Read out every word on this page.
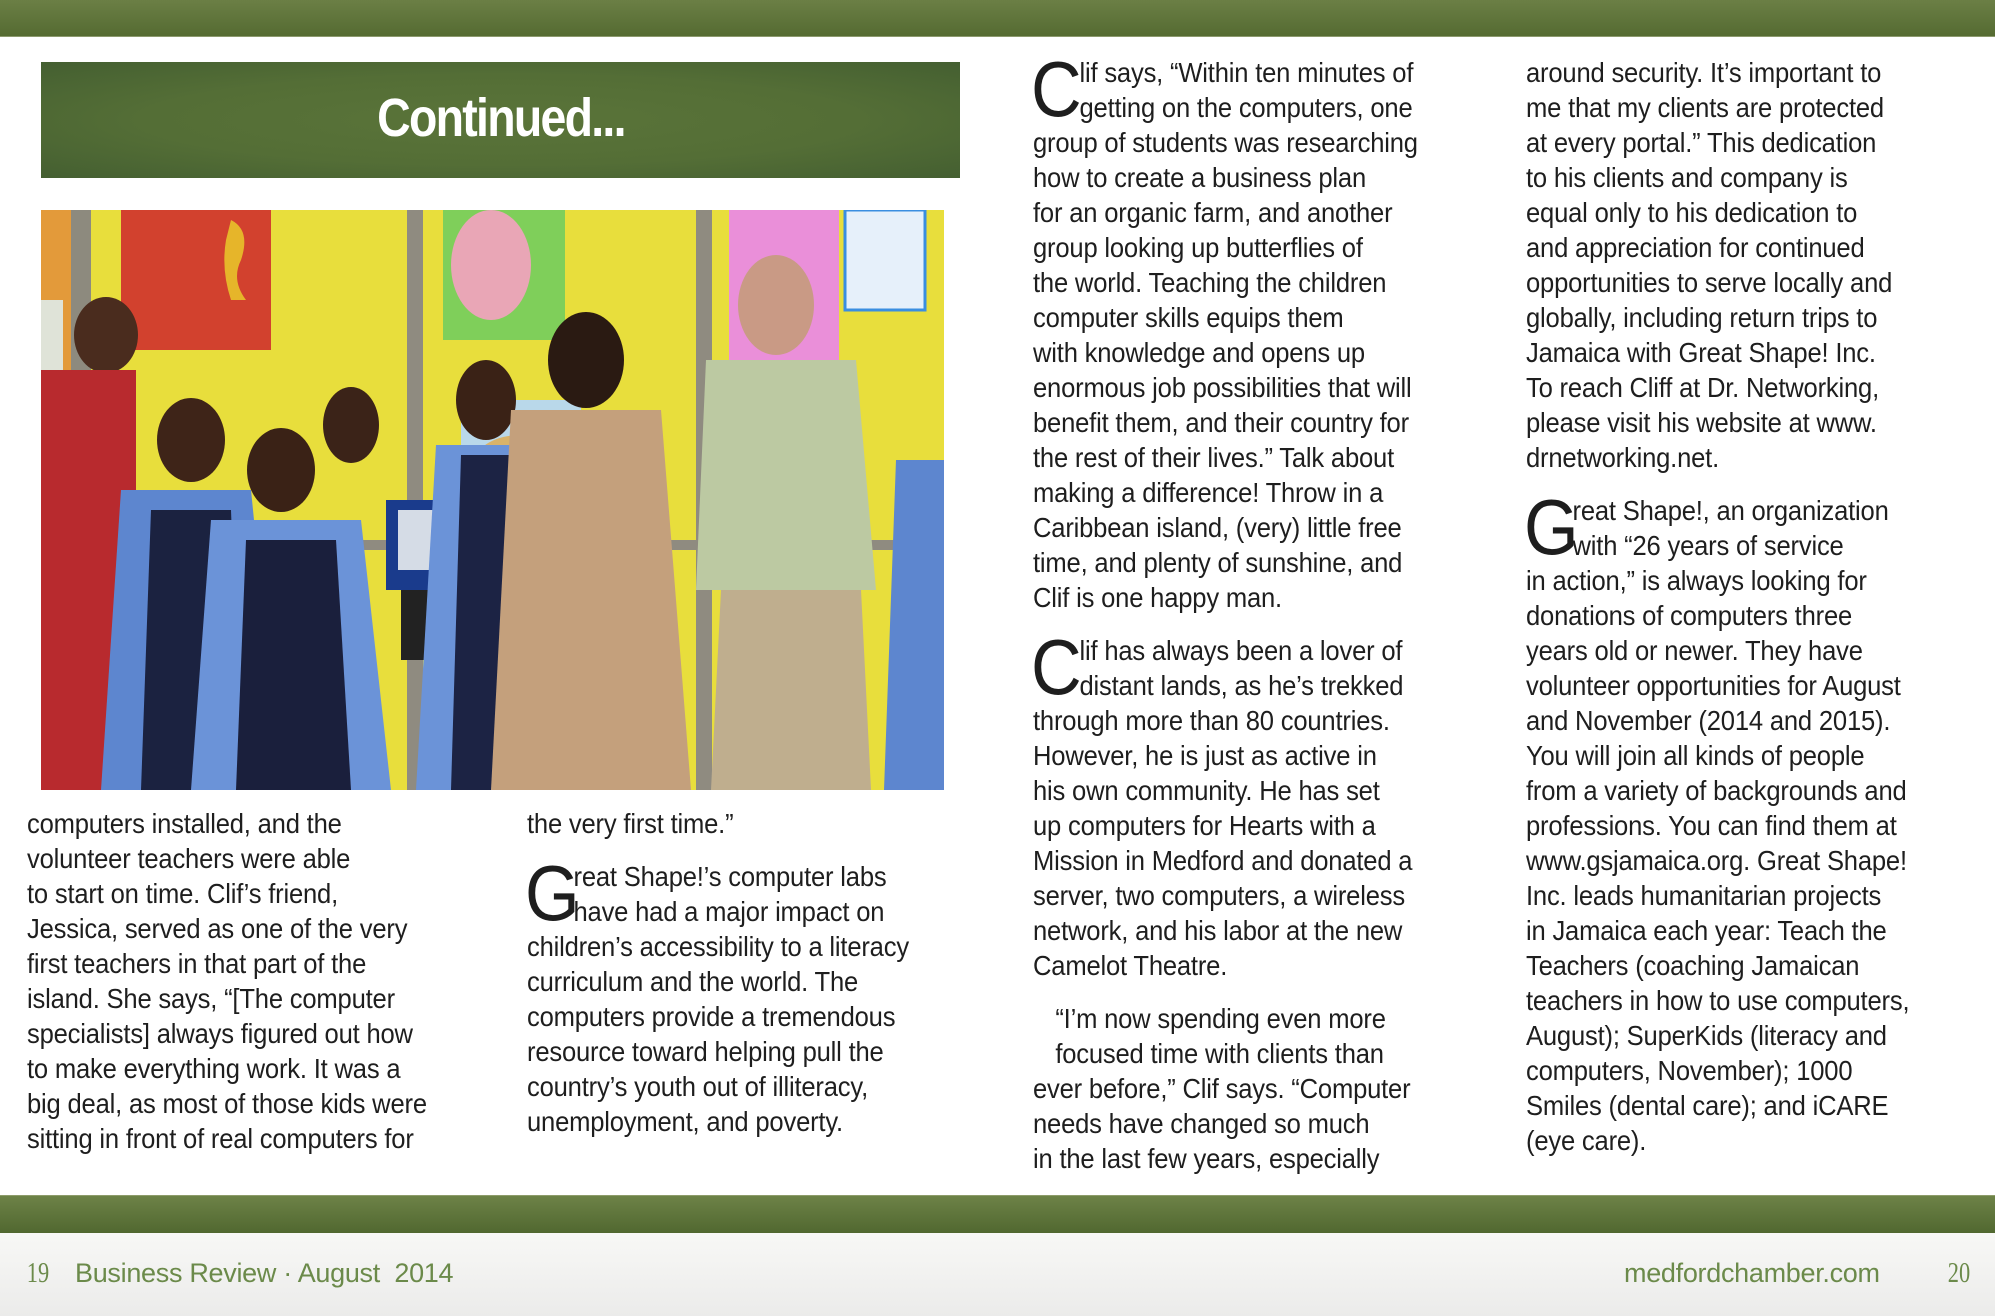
Continued...
computers installed, and the
volunteer teachers were able
to start on time. Clif’s friend,
Jessica, served as one of the very
first teachers in that part of the
island. She says, “[The computer
specialists] always figured out how
to make everything work. It was a
big deal, as most of those kids were
sitting in front of real computers for
the very first time.”
G
reat Shape!’s computer labs
have had a major impact on
children’s accessibility to a literacy
curriculum and the world. The
computers provide a tremendous
resource toward helping pull the
country’s youth out of illiteracy,
unemployment, and poverty.
C
lif says, “Within ten minutes of
getting on the computers, one
group of students was researching
how to create a business plan
for an organic farm, and another
group looking up butterflies of
the world. Teaching the children
computer skills equips them
with knowledge and opens up
enormous job possibilities that will
benefit them, and their country for
the rest of their lives.” Talk about
making a difference! Throw in a
Caribbean island, (very) little free
time, and plenty of sunshine, and
Clif is one happy man.
C
lif has always been a lover of
distant lands, as he’s trekked
through more than 80 countries.
However, he is just as active in
his own community. He has set
up computers for Hearts with a
Mission in Medford and donated a
server, two computers, a wireless
network, and his labor at the new
Camelot Theatre.
“I’m now spending even more
focused time with clients than
ever before,” Clif says. “Computer
needs have changed so much
in the last few years, especially
around security. It’s important to
me that my clients are protected
at every portal.” This dedication
to his clients and company is
equal only to his dedication to
and appreciation for continued
opportunities to serve locally and
globally, including return trips to
Jamaica with Great Shape! Inc.
To reach Cliff at Dr. Networking,
please visit his website at www.
drnetworking.net.
G
reat Shape!, an organization
with “26 years of service
in action,” is always looking for
donations of computers three
years old or newer. They have
volunteer opportunities for August
and November (2014 and 2015).
You will join all kinds of people
from a variety of backgrounds and
professions. You can find them at
www.gsjamaica.org. Great Shape!
Inc. leads humanitarian projects
in Jamaica each year: Teach the
Teachers (coaching Jamaican
teachers in how to use computers,
August); SuperKids (literacy and
computers, November); 1000
Smiles (dental care); and iCARE
(eye care).
19 Business Review · August  2014	medfordchamber.com 20
